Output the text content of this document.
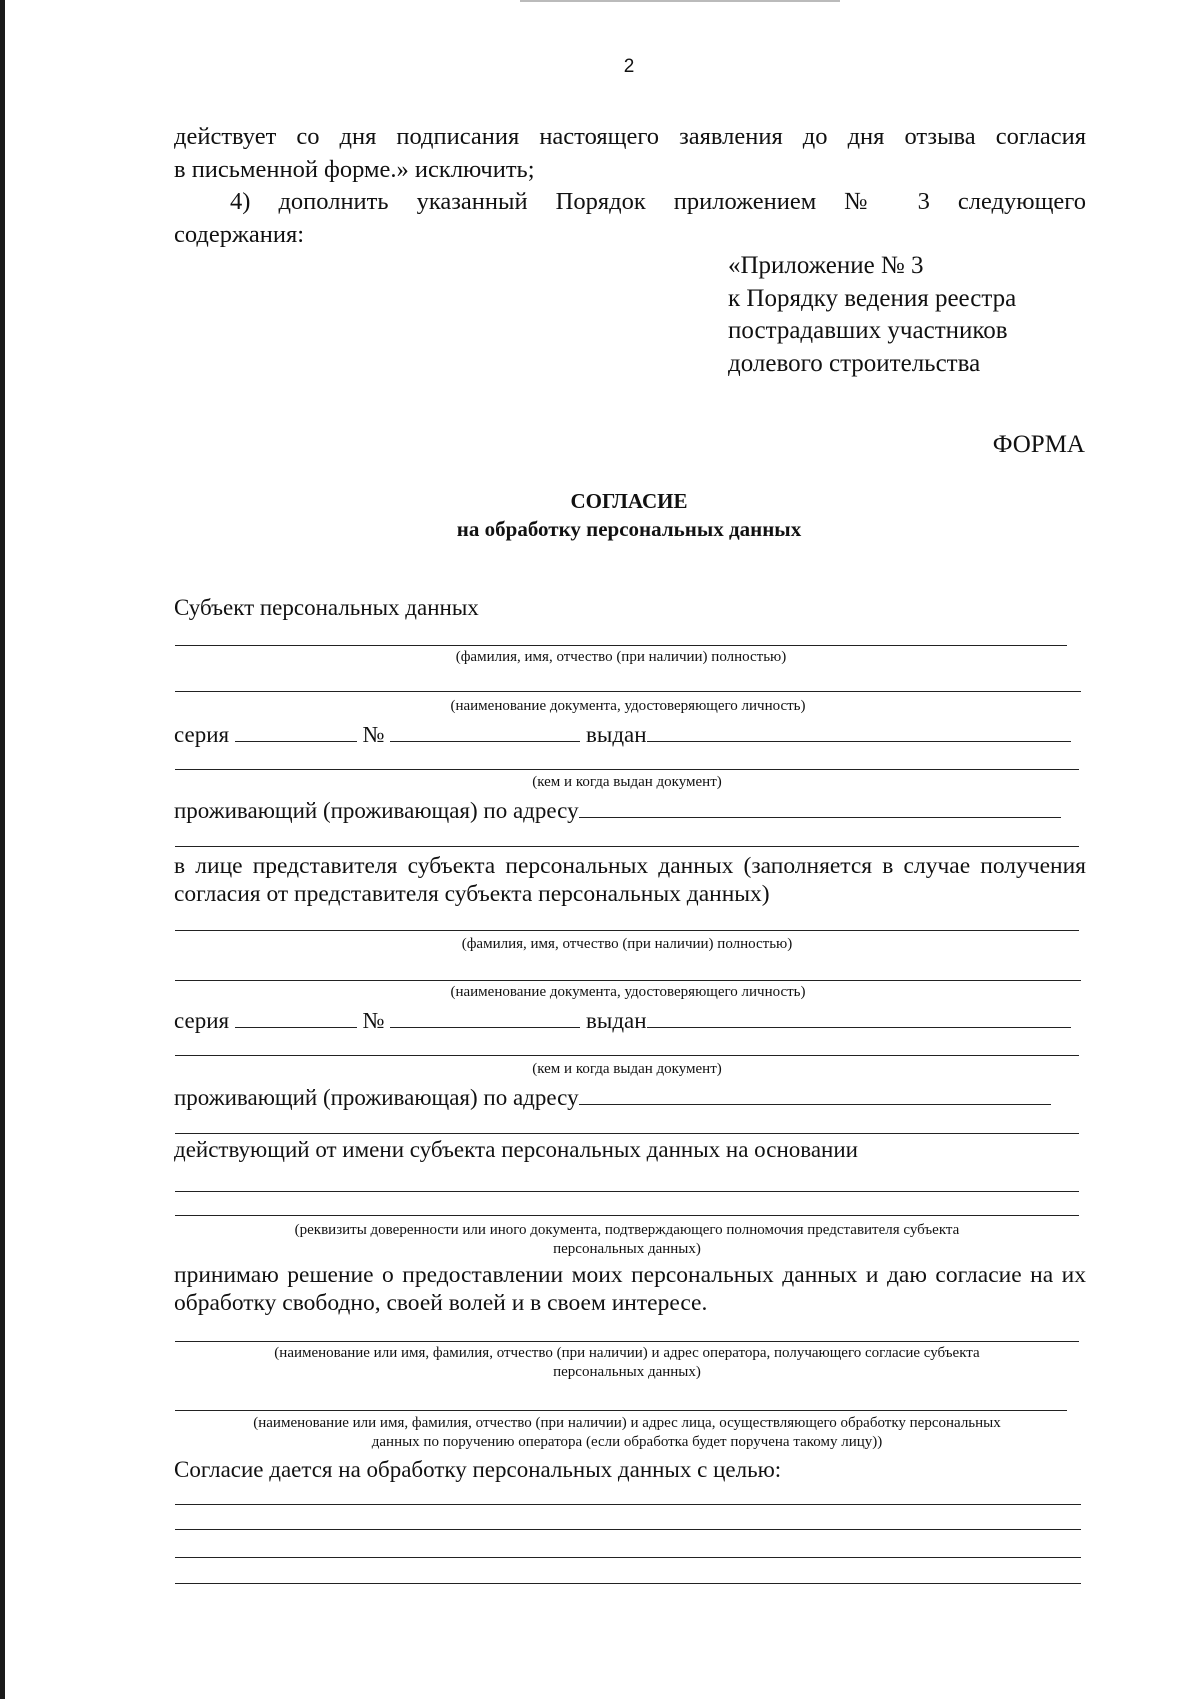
2
действует со дня подписания настоящего заявления до дня отзыва согласия
в письменной форме.» исключить;
4) дополнить указанный Порядок приложением № 3 следующего
содержания:
«Приложение № 3
к Порядку ведения реестра
пострадавших участников
долевого строительства
ФОРМА
СОГЛАСИЕ
на обработку персональных данных
Субъект персональных данных
(фамилия, имя, отчество (при наличии) полностью)
(наименование документа, удостоверяющего личность)
серия	№	выдан
(кем и когда выдан документ)
проживающий (проживающая) по адресу
в лице представителя субъекта персональных данных (заполняется в случае получения
согласия от представителя субъекта персональных данных)
(фамилия, имя, отчество (при наличии) полностью)
(наименование документа, удостоверяющего личность)
серия	№	выдан
(кем и когда выдан документ)
проживающий (проживающая) по адресу
действующий от имени субъекта персональных данных на основании
(реквизиты доверенности или иного документа, подтверждающего полномочия представителя субъекта
персональных данных)
принимаю решение о предоставлении моих персональных данных и даю согласие на их
обработку свободно, своей волей и в своем интересе.
(наименование или имя, фамилия, отчество (при наличии) и адрес оператора, получающего согласие субъекта
персональных данных)
(наименование или имя, фамилия, отчество (при наличии) и адрес лица, осуществляющего обработку персональных
данных по поручению оператора (если обработка будет поручена такому лицу))
Согласие дается на обработку персональных данных с целью:
